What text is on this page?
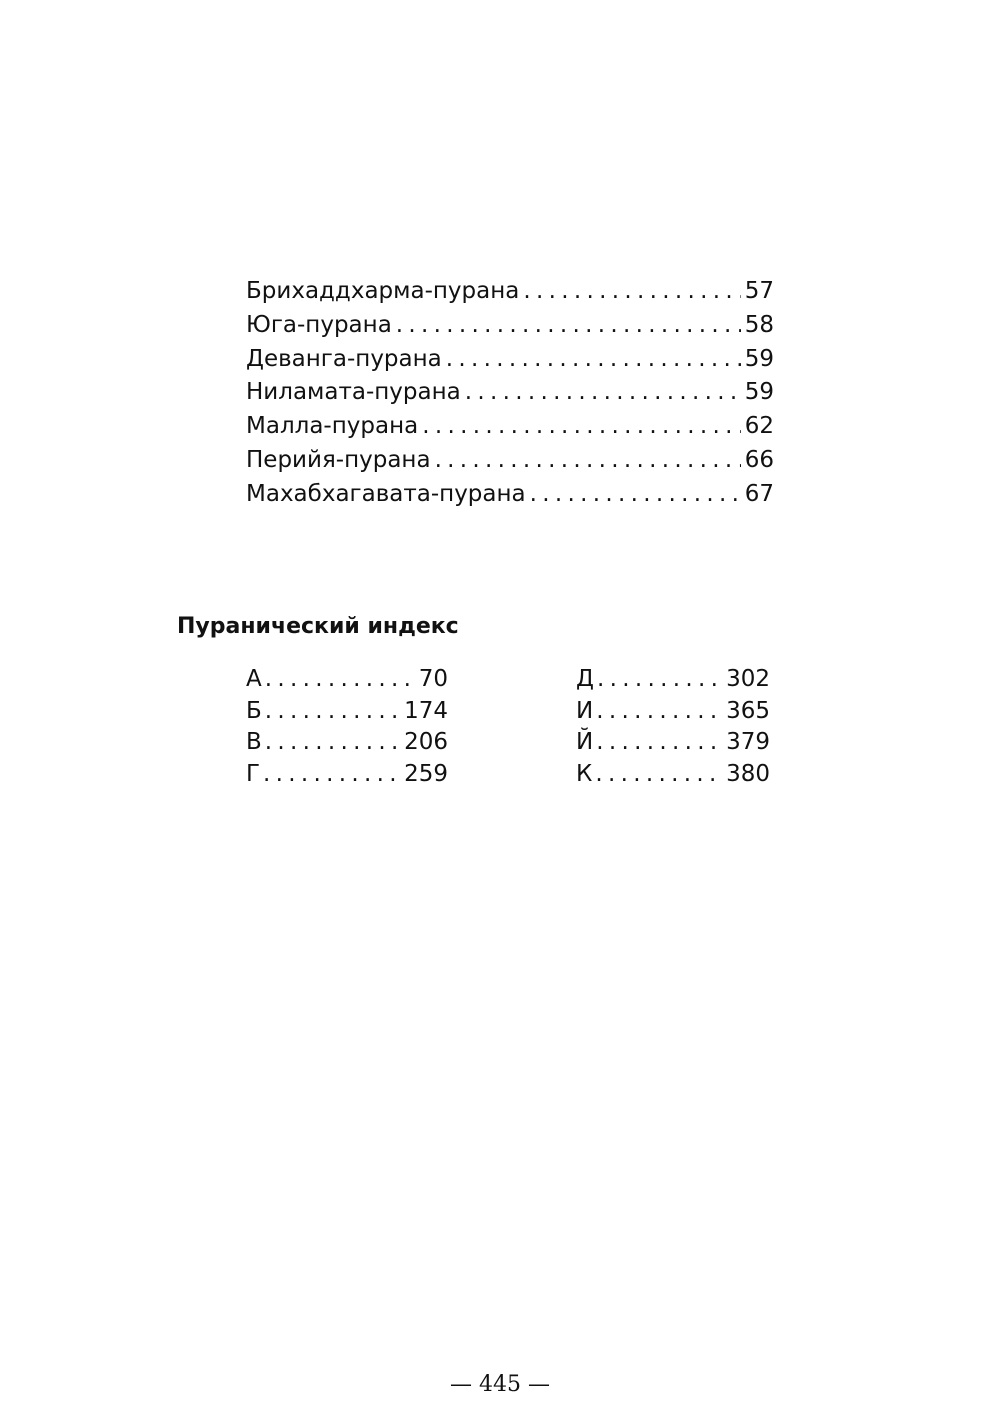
Брихаддхарма-пурана . . .	57
Юга-пурана . . .	58
Деванга-пурана . . .	59
Ниламата-пурана . . .	59
Малла-пурана . . .	62
Перийя-пурана . . .	66
Махабхагавата-пурана . . .	67
Пуранический индекс
А . . .	70
Б . . .	174
В . . .	206
Г . . .	259
Д . . .	302
И . . .	365
Й . . .	379
К . . .	380
— 445 —
